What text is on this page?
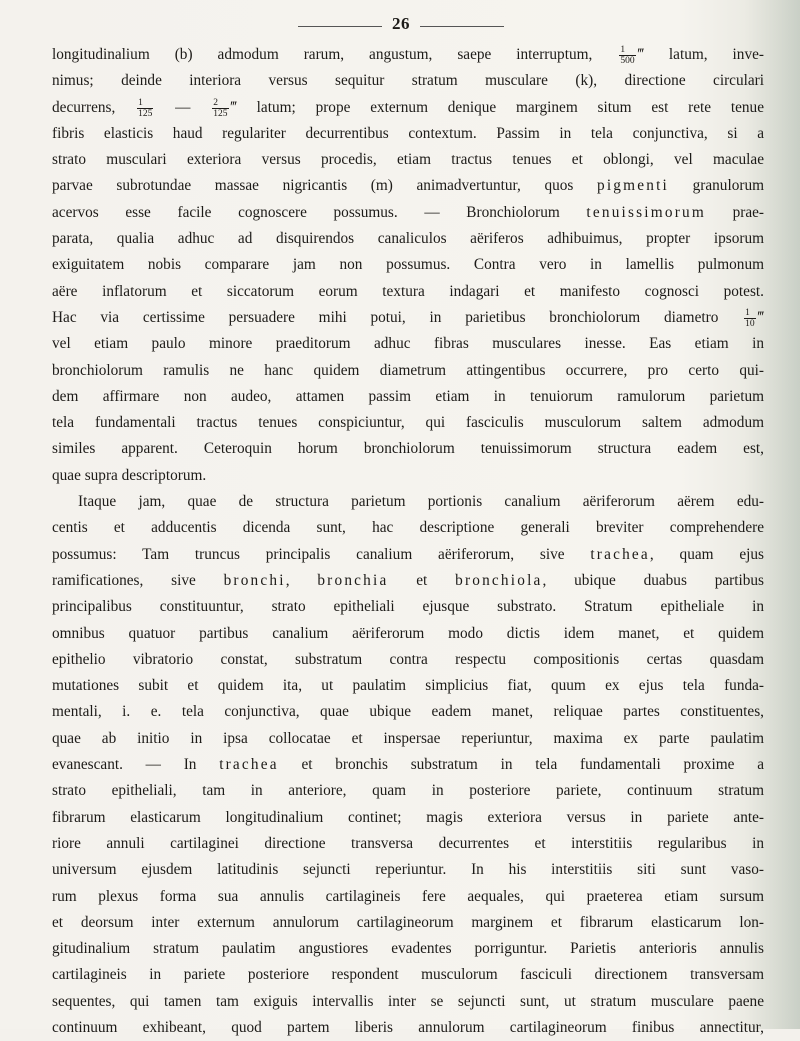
26
longitudinalium (b) admodum rarum, angustum, saepe interruptum, $\frac{1}{500}$ ‴ latum, inve-
nimus; deinde interiora versus sequitur stratum musculare (k), directione circulari
decurrens, $\frac{1}{125}$ — $\frac{2}{125}$ ‴ latum; prope externum denique marginem situm est rete tenue
fibris elasticis haud regulariter decurrentibus contextum. Passim in tela conjunctiva, si a
strato musculari exteriora versus procedis, etiam tractus tenues et oblongi, vel maculae
parvae subrotundae massae nigricantis (m) animadvertuntur, quos pigmenti granulorum
acervos esse facile cognoscere possumus. — Bronchiolorum tenuissimorum prae-
parata, qualia adhuc ad disquirendos canaliculos aëriferos adhibuimus, propter ipsorum
exiguitatem nobis comparare jam non possumus. Contra vero in lamellis pulmonum
aëre inflatorum et siccatorum eorum textura indagari et manifesto cognosci potest.
Hac via certissime persuadere mihi potui, in parietibus bronchiolorum diametro $\frac{1}{10}$ ‴
vel etiam paulo minore praeditorum adhuc fibras musculares inesse. Eas etiam in
bronchiolorum ramulis ne hanc quidem diametrum attingentibus occurrere, pro certo qui-
dem affirmare non audeo, attamen passim etiam in tenuiorum ramulorum parietum
tela fundamentali tractus tenues conspiciuntur, qui fasciculis musculorum saltem admodum
similes apparent. Ceteroquin horum bronchiolorum tenuissimorum structura eadem est,
quae supra descriptorum.
Itaque jam, quae de structura parietum portionis canalium aëriferorum aërem edu-
centis et adducentis dicenda sunt, hac descriptione generali breviter comprehendere
possumus: Tam truncus principalis canalium aëriferorum, sive trachea, quam ejus
ramificationes, sive bronchi, bronchia et bronchiola, ubique duabus partibus
principalibus constituuntur, strato epitheliali ejusque substrato. Stratum epitheliale in
omnibus quatuor partibus canalium aëriferorum modo dictis idem manet, et quidem
epithelio vibratorio constat, substratum contra respectu compositionis certas quasdam
mutationes subit et quidem ita, ut paulatim simplicius fiat, quum ex ejus tela funda-
mentali, i. e. tela conjunctiva, quae ubique eadem manet, reliquae partes constituentes,
quae ab initio in ipsa collocatae et inspersae reperiuntur, maxima ex parte paulatim
evanescant. — In trachea et bronchis substratum in tela fundamentali proxime a
strato epitheliali, tam in anteriore, quam in posteriore pariete, continuum stratum
fibrarum elasticarum longitudinalium continet; magis exteriora versus in pariete ante-
riore annuli cartilaginei directione transversa decurrentes et interstitiis regularibus in
universum ejusdem latitudinis sejuncti reperiuntur. In his interstitiis siti sunt vaso-
rum plexus forma sua annulis cartilagineis fere aequales, qui praeterea etiam sursum
et deorsum inter externum annulorum cartilagineorum marginem et fibrarum elasticarum lon-
gitudinalium stratum paulatim angustiores evadentes porriguntur. Parietis anterioris annulis
cartilagineis in pariete posteriore respondent musculorum fasciculi directionem transversam
sequentes, qui tamen tam exiguis intervallis inter se sejuncti sunt, ut stratum musculare paene
continuum exhibeant, quod partem liberis annulorum cartilagineorum finibus annectitur,
